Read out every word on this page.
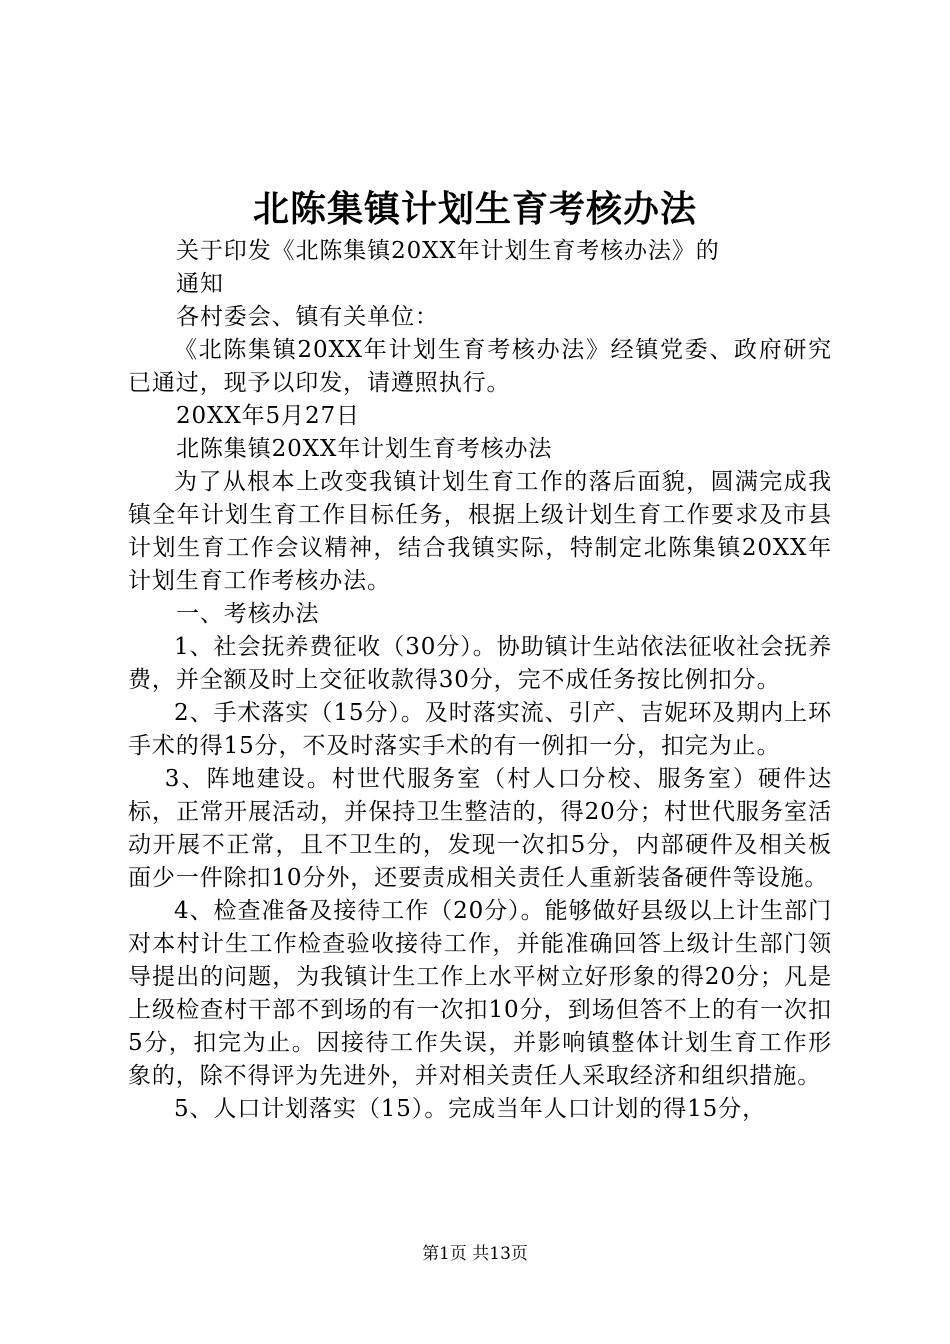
北陈集镇计划生育考核办法

关于印发《北陈集镇20XX年计划生育考核办法》的

通知

各村委会、镇有关单位：

《北陈集镇20XX年计划生育考核办法》经镇党委、政府研究已通过，现予以印发，请遵照执行。

20XX年5月27日

北陈集镇20XX年计划生育考核办法

为了从根本上改变我镇计划生育工作的落后面貌，圆满完成我镇全年计划生育工作目标任务，根据上级计划生育工作要求及市县计划生育工作会议精神，结合我镇实际，特制定北陈集镇20XX年计划生育工作考核办法。

一、考核办法

1、社会抚养费征收（30分）。协助镇计生站依法征收社会抚养费，并全额及时上交征收款得30分，完不成任务按比例扣分。

2、手术落实（15分）。及时落实流、引产、吉妮环及期内上环手术的得15分，不及时落实手术的有一例扣一分，扣完为止。

3、阵地建设。村世代服务室（村人口分校、服务室）硬件达标，正常开展活动，并保持卫生整洁的，得20分；村世代服务室活动开展不正常，且不卫生的，发现一次扣5分，内部硬件及相关板面少一件除扣10分外，还要责成相关责任人重新装备硬件等设施。

4、检查准备及接待工作（20分）。能够做好县级以上计生部门对本村计生工作检查验收接待工作，并能准确回答上级计生部门领导提出的问题，为我镇计生工作上水平树立好形象的得20分；凡是上级检查村干部不到场的有一次扣10分，到场但答不上的有一次扣5分，扣完为止。因接待工作失误，并影响镇整体计划生育工作形象的，除不得评为先进外，并对相关责任人采取经济和组织措施。

5、人口计划落实（15）。完成当年人口计划的得15分，

第1页 共13页
